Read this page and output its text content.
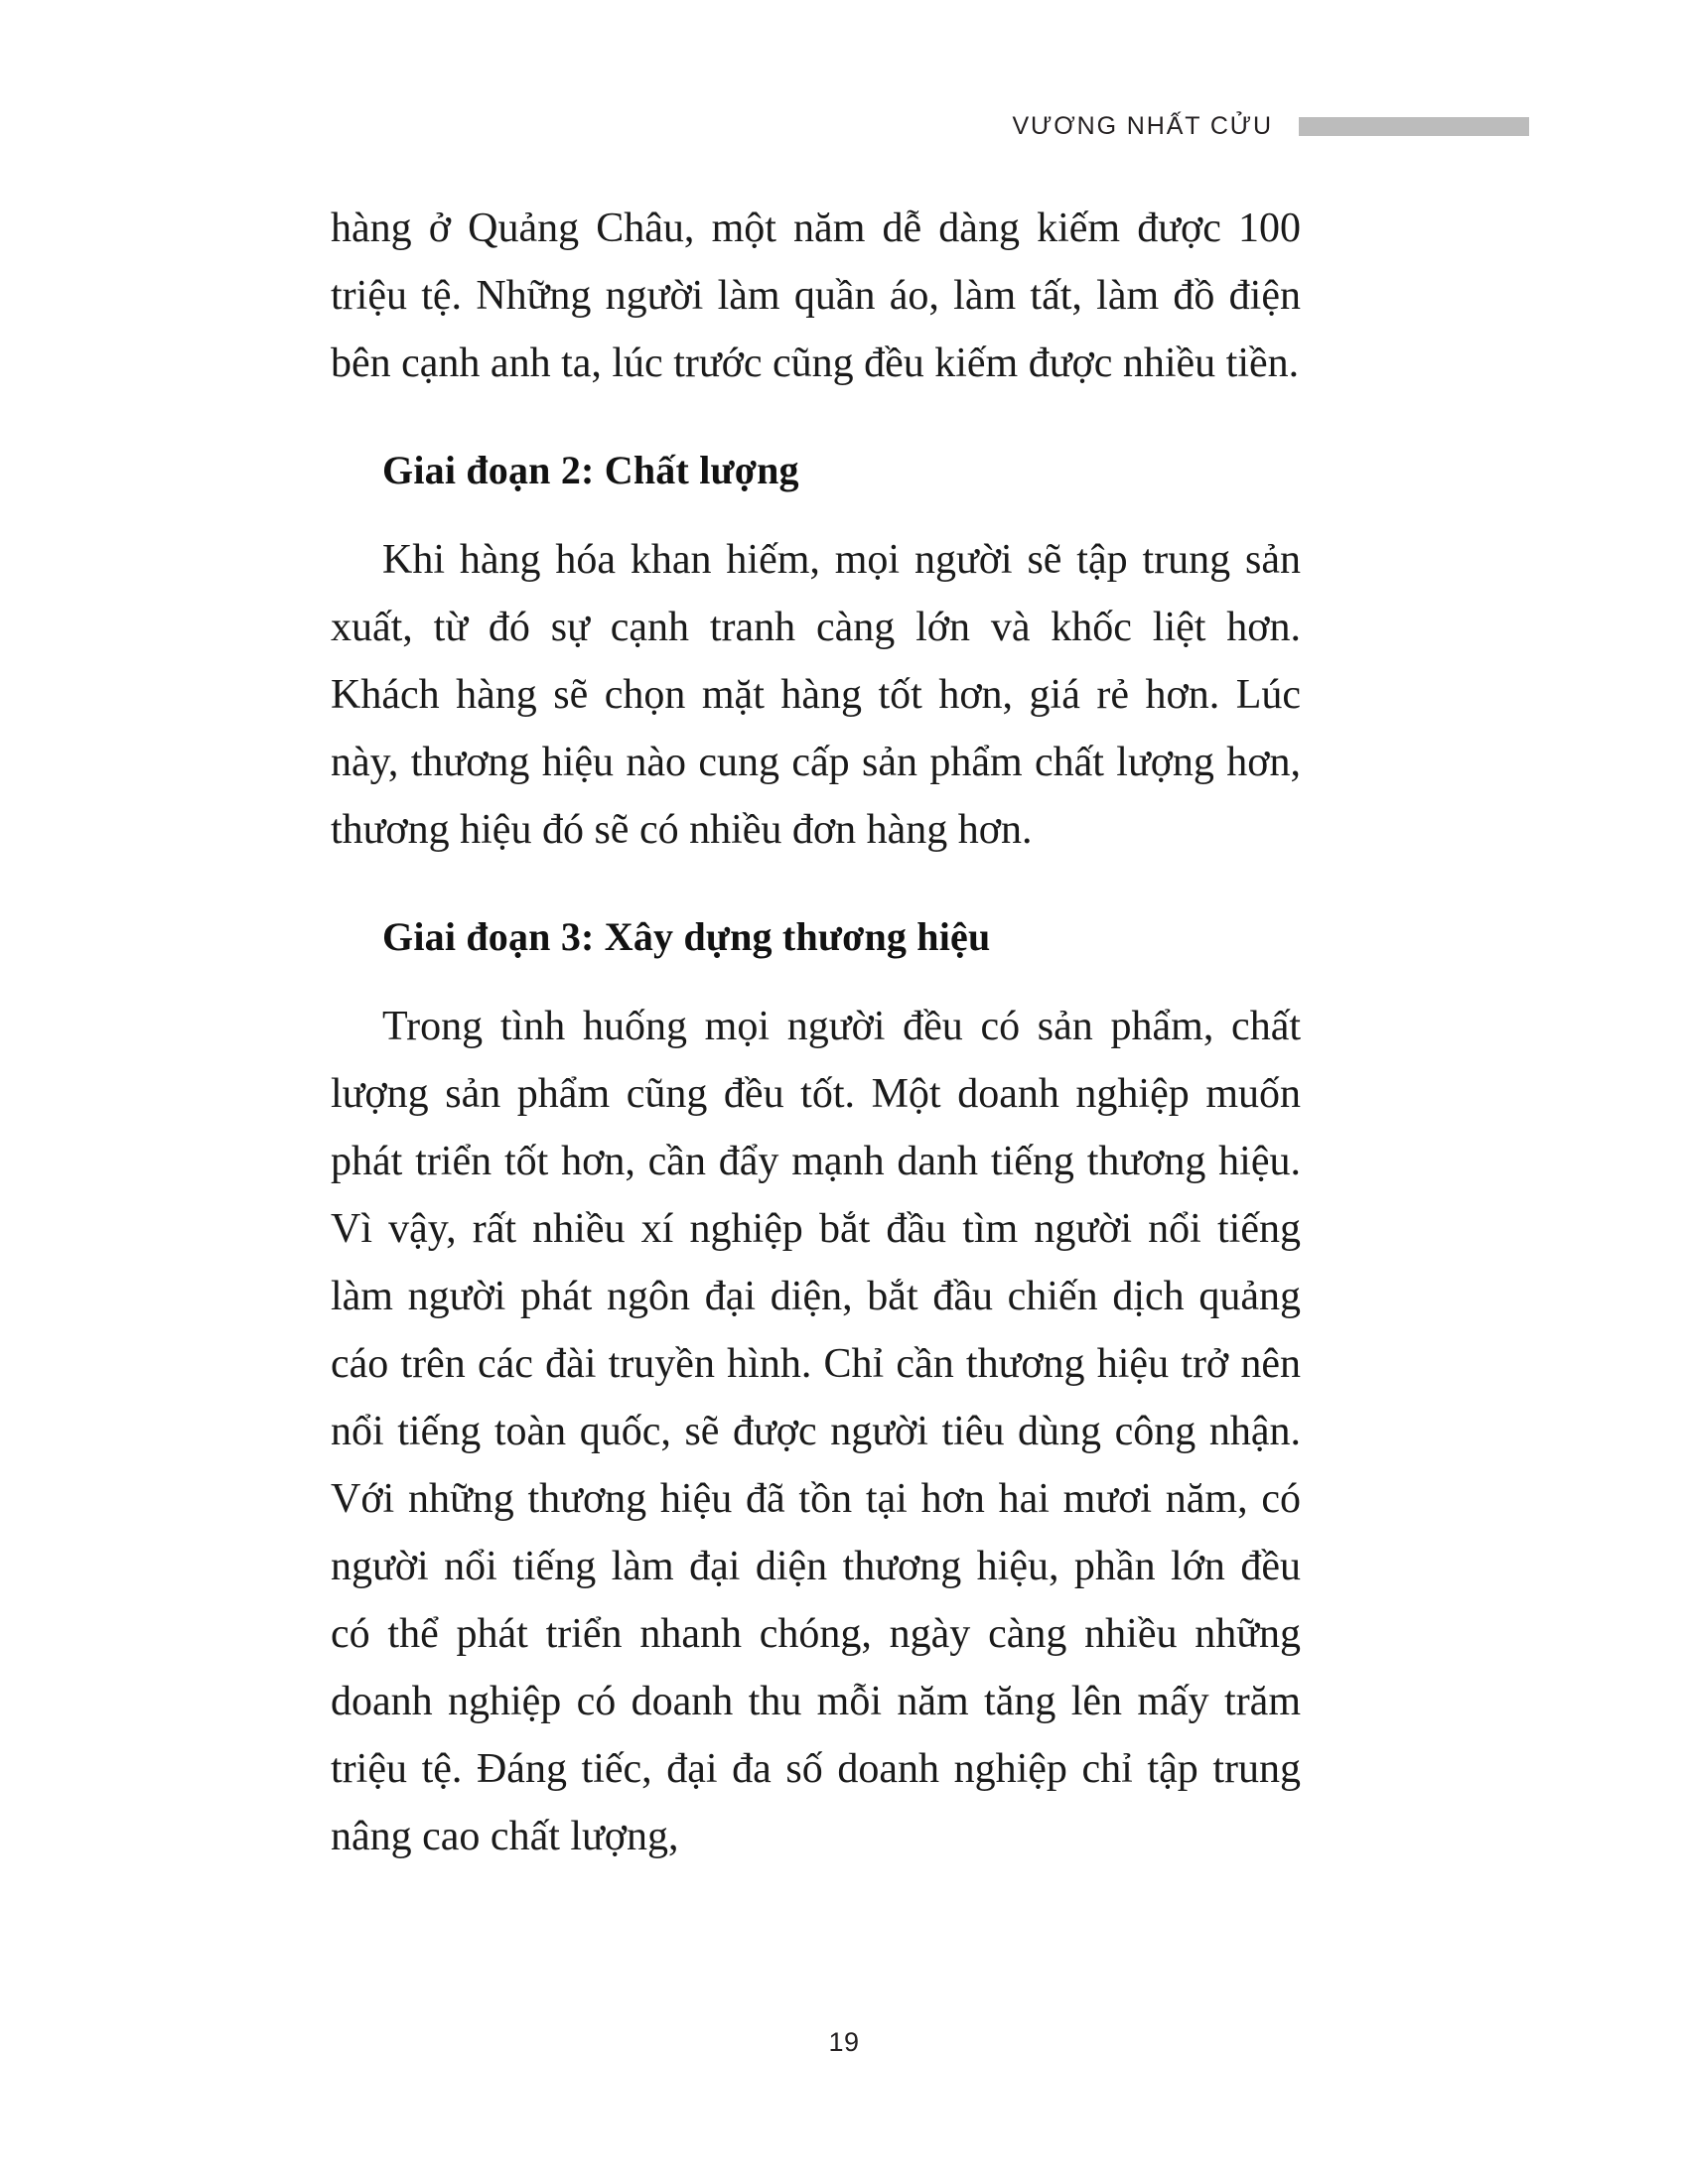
VƯƠNG NHẤT CỬU

hàng ở Quảng Châu, một năm dễ dàng kiếm được 100 triệu tệ. Những người làm quần áo, làm tất, làm đồ điện bên cạnh anh ta, lúc trước cũng đều kiếm được nhiều tiền.

Giai đoạn 2: Chất lượng

Khi hàng hóa khan hiếm, mọi người sẽ tập trung sản xuất, từ đó sự cạnh tranh càng lớn và khốc liệt hơn. Khách hàng sẽ chọn mặt hàng tốt hơn, giá rẻ hơn. Lúc này, thương hiệu nào cung cấp sản phẩm chất lượng hơn, thương hiệu đó sẽ có nhiều đơn hàng hơn.

Giai đoạn 3: Xây dựng thương hiệu

Trong tình huống mọi người đều có sản phẩm, chất lượng sản phẩm cũng đều tốt. Một doanh nghiệp muốn phát triển tốt hơn, cần đẩy mạnh danh tiếng thương hiệu. Vì vậy, rất nhiều xí nghiệp bắt đầu tìm người nổi tiếng làm người phát ngôn đại diện, bắt đầu chiến dịch quảng cáo trên các đài truyền hình. Chỉ cần thương hiệu trở nên nổi tiếng toàn quốc, sẽ được người tiêu dùng công nhận. Với những thương hiệu đã tồn tại hơn hai mươi năm, có người nổi tiếng làm đại diện thương hiệu, phần lớn đều có thể phát triển nhanh chóng, ngày càng nhiều những doanh nghiệp có doanh thu mỗi năm tăng lên mấy trăm triệu tệ. Đáng tiếc, đại đa số doanh nghiệp chỉ tập trung nâng cao chất lượng,

19
